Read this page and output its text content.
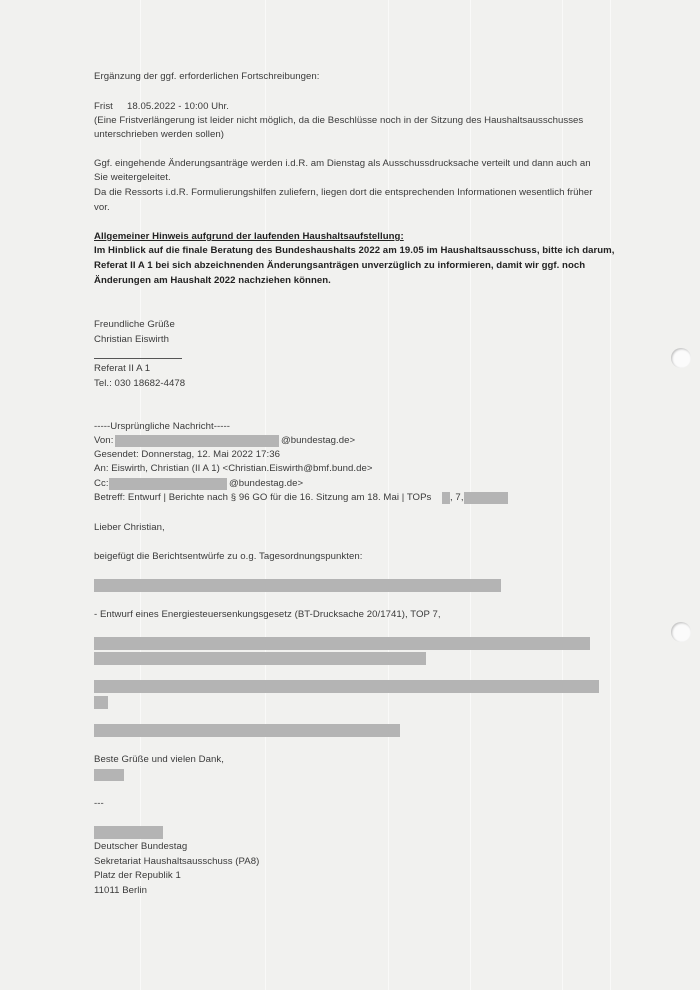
Ergänzung der ggf. erforderlichen Fortschreibungen:
Frist 18.05.2022 - 10:00 Uhr.
(Eine Fristverlängerung ist leider nicht möglich, da die Beschlüsse noch in der Sitzung des Haushaltsausschusses
unterschrieben werden sollen)
Ggf. eingehende Änderungsanträge werden i.d.R. am Dienstag als Ausschussdrucksache verteilt und dann auch an
Sie weitergeleitet.
Da die Ressorts i.d.R. Formulierungshilfen zuliefern, liegen dort die entsprechenden Informationen wesentlich früher
vor.
Allgemeiner Hinweis aufgrund der laufenden Haushaltsaufstellung:
Im Hinblick auf die finale Beratung des Bundeshaushalts 2022 am 19.05 im Haushaltsausschuss, bitte ich darum,
Referat II A 1 bei sich abzeichnenden Änderungsanträgen unverzüglich zu informieren, damit wir ggf. noch
Änderungen am Haushalt 2022 nachziehen können.
Freundliche Grüße
Christian Eiswirth
Referat II A 1
Tel.: 030 18682-4478
-----Ursprüngliche Nachricht-----
Von:	@bundestag.de>
Gesendet: Donnerstag, 12. Mai 2022 17:36
An: Eiswirth, Christian (II A 1) <Christian.Eiswirth@bmf.bund.de>
Cc:	@bundestag.de>
Betreff: Entwurf | Berichte nach § 96 GO für die 16. Sitzung am 18. Mai | TOPs , 7,
Lieber Christian,
beigefügt die Berichtsentwürfe zu o.g. Tagesordnungspunkten:
- Entwurf eines Energiesteuersenkungsgesetz (BT-Drucksache 20/1741), TOP 7,
Beste Grüße und vielen Dank,
---
Deutscher Bundestag
Sekretariat Haushaltsausschuss (PA8)
Platz der Republik 1
11011 Berlin
